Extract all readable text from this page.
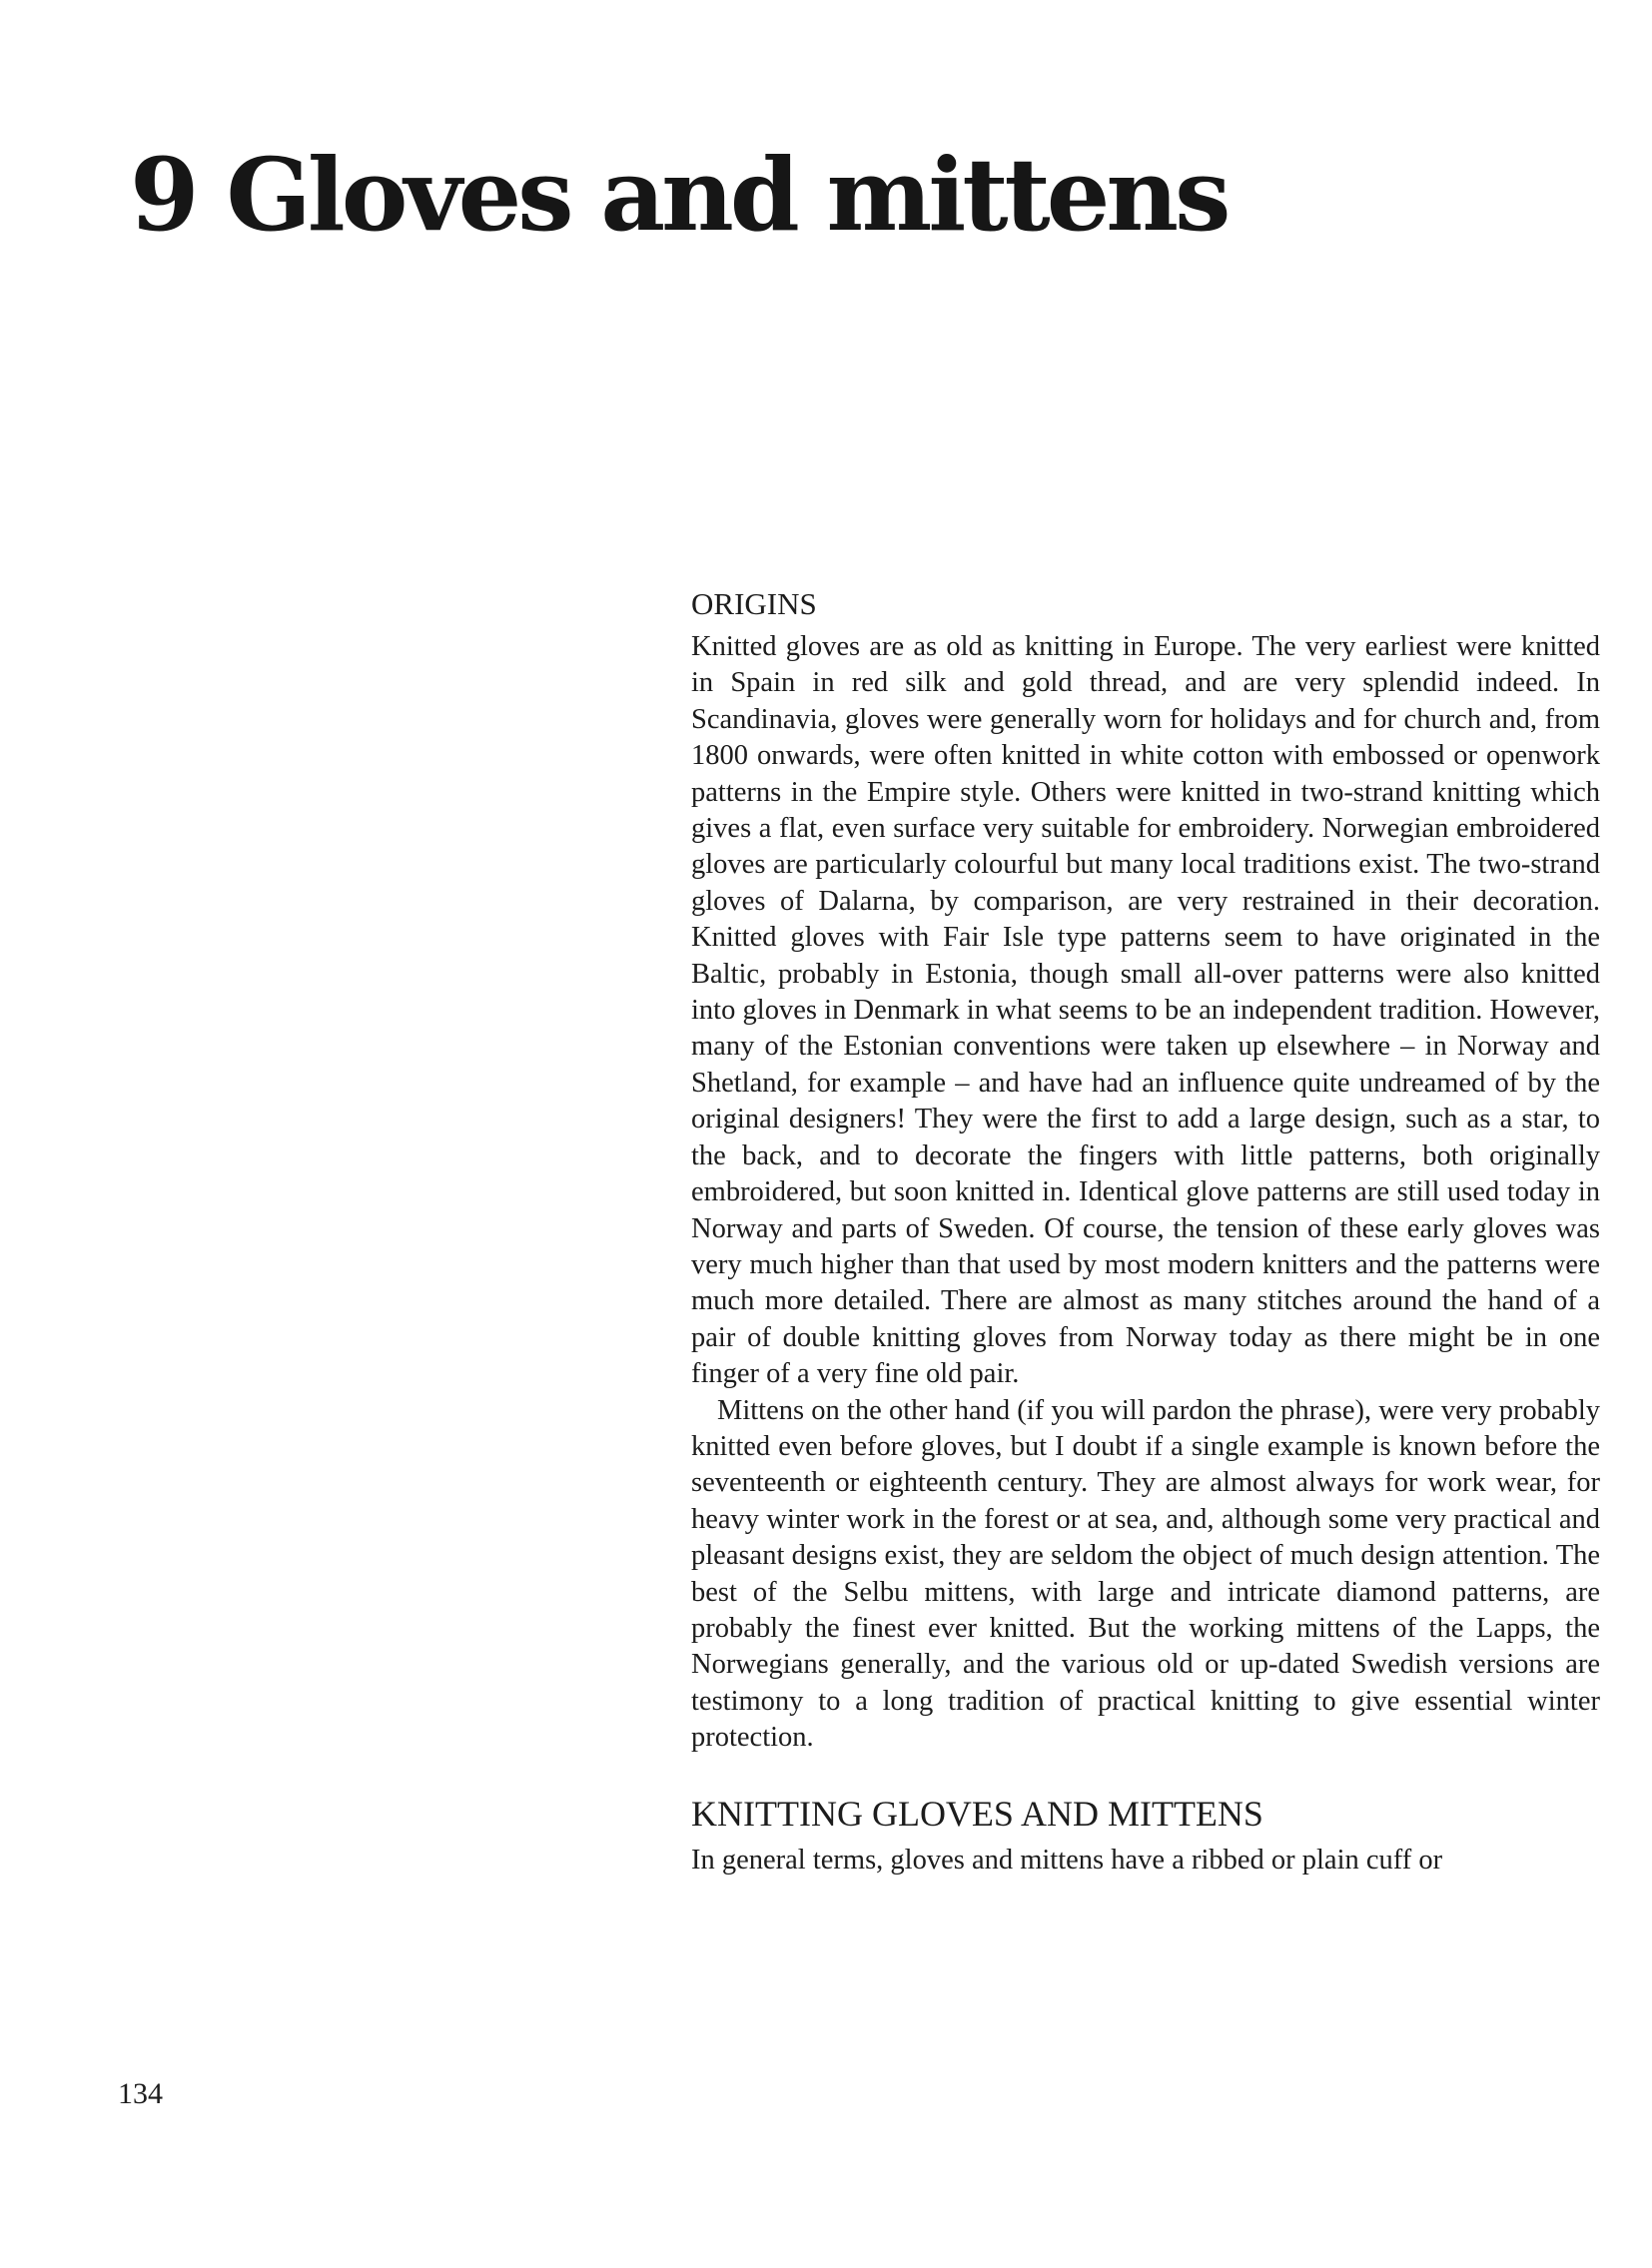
9 Gloves and mittens
ORIGINS

Knitted gloves are as old as knitting in Europe. The very earliest were knitted in Spain in red silk and gold thread, and are very splendid indeed. In Scandinavia, gloves were generally worn for holidays and for church and, from 1800 onwards, were often knitted in white cotton with embossed or openwork patterns in the Empire style. Others were knitted in two-strand knitting which gives a flat, even surface very suitable for embroidery. Norwegian embroidered gloves are particularly colourful but many local traditions exist. The two-strand gloves of Dalarna, by comparison, are very restrained in their decoration. Knitted gloves with Fair Isle type patterns seem to have originated in the Baltic, probably in Estonia, though small all-over patterns were also knitted into gloves in Denmark in what seems to be an independent tradition. However, many of the Estonian conventions were taken up elsewhere – in Norway and Shetland, for example – and have had an influence quite undreamed of by the original designers! They were the first to add a large design, such as a star, to the back, and to decorate the fingers with little patterns, both originally embroidered, but soon knitted in. Identical glove patterns are still used today in Norway and parts of Sweden. Of course, the tension of these early gloves was very much higher than that used by most modern knitters and the patterns were much more detailed. There are almost as many stitches around the hand of a pair of double knitting gloves from Norway today as there might be in one finger of a very fine old pair.

Mittens on the other hand (if you will pardon the phrase), were very probably knitted even before gloves, but I doubt if a single example is known before the seventeenth or eighteenth century. They are almost always for work wear, for heavy winter work in the forest or at sea, and, although some very practical and pleasant designs exist, they are seldom the object of much design attention. The best of the Selbu mittens, with large and intricate diamond patterns, are probably the finest ever knitted. But the working mittens of the Lapps, the Norwegians generally, and the various old or up-dated Swedish versions are testimony to a long tradition of practical knitting to give essential winter protection.

KNITTING GLOVES AND MITTENS

In general terms, gloves and mittens have a ribbed or plain cuff or

134
